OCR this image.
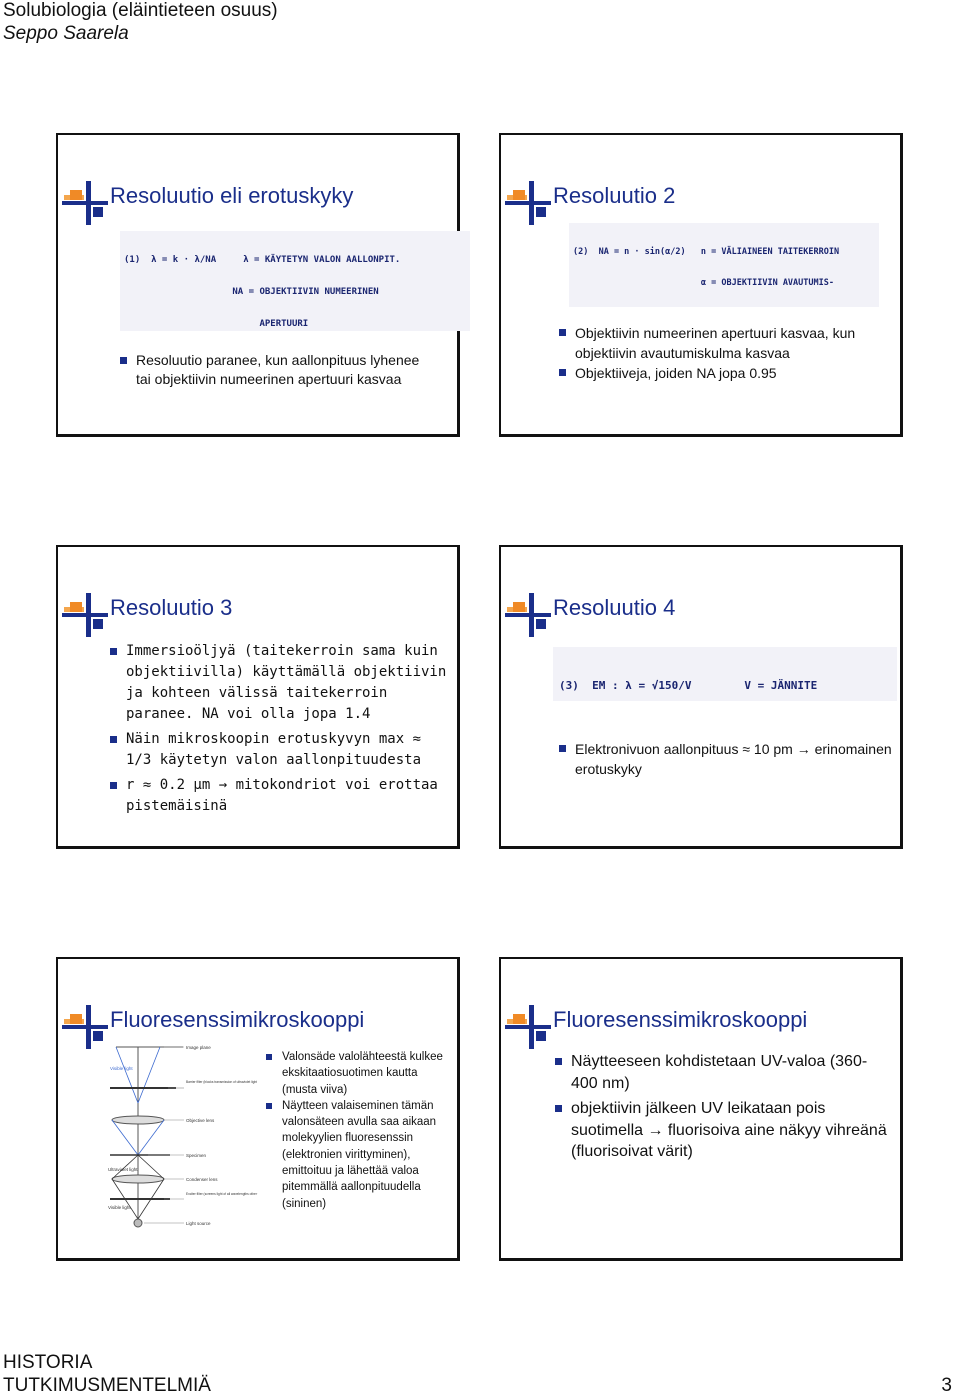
Solubiologia (eläintieteen osuus)
Seppo Saarela
Resoluutio eli erotuskyky

(1)  λ = k · λ/NA     λ = KÄYTETYN VALON AALLONPIT.

NA = OBJEKTIIVIN NUMEERINEN

APERTUURI

Resoluutio paranee, kun aallonpituus lyhenee tai objektiivin numeerinen apertuuri kasvaa
Resoluutio 2

(2)  NA = n · sin(α/2)   n = VÄLIAINEEN TAITEKERROIN

α = OBJEKTIIVIN AVAUTUMIS-

Objektiivin numeerinen apertuuri kasvaa, kun objektiivin avautumiskulma kasvaa
Objektiiveja, joiden NA jopa 0.95
Resoluutio 3
Immersioöljyä (taitekerroin sama kuin objektiivilla) käyttämällä objektiivin ja kohteen välissä taitekerroin paranee. NA voi olla jopa 1.4
Näin mikroskoopin erotuskyvyn max ≈ 1/3 käytetyn valon aallonpituudesta
r ≈ 0.2 μm → mitokondriot voi erottaa pistemäisinä
Resoluutio 4

(3)  EM : λ = √150/V        V = JÄNNITE

Elektronivuon aallonpituus ≈ 10 pm → erinomainen erotuskyky
Fluoresenssimikroskooppi
Image plane
Visible light
Barrier filter (blocks transmission of ultraviolet light
Objective lens
Specimen
Ultraviolet light
Condenser lens
Exciter filter (screens light of all wavelengths other
Visible light
Light source
Valonsäde valolähteestä kulkee ekskitaatiosuotimen kautta (musta viiva)
Näytteen valaiseminen tämän valonsäteen avulla saa aikaan molekyylien fluoresenssin (elektronien virittyminen), emittoituu ja lähettää valoa pitemmällä aallonpituudella (sininen)
Fluoresenssimikroskooppi
Näytteeseen kohdistetaan UV-valoa (360-400 nm)
objektiivin jälkeen UV leikataan pois suotimella → fluorisoiva aine näkyy vihreänä (fluorisoivat värit)
HISTORIA
TUTKIMUSMENTELMIÄ	3
